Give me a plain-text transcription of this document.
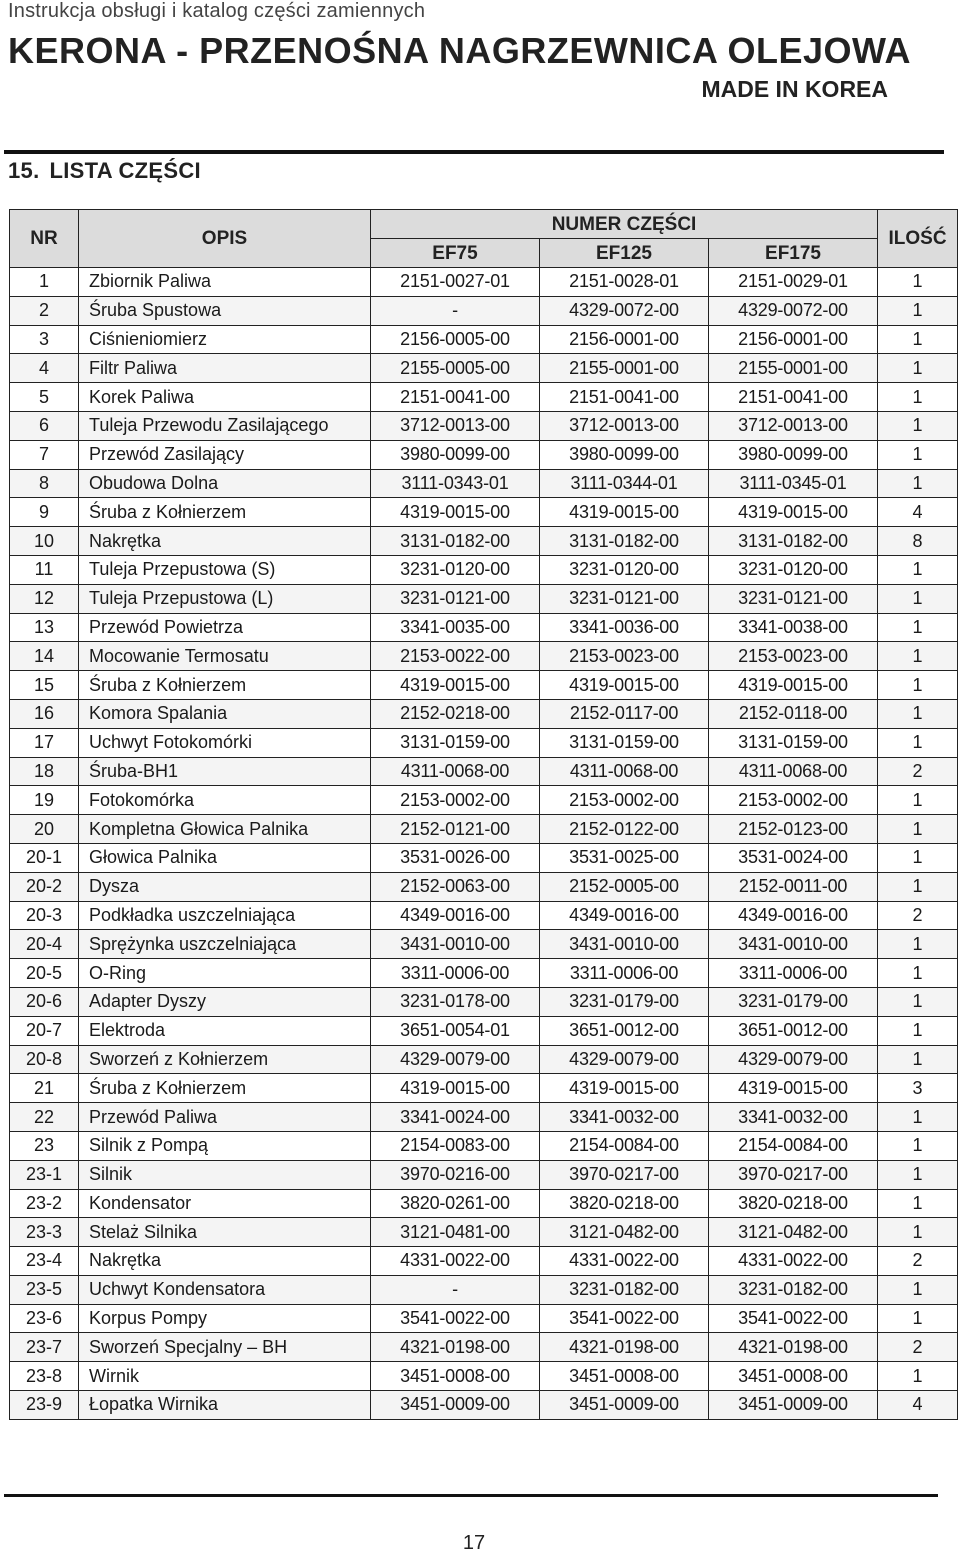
Instrukcja obsługi i katalog części zamiennych
KERONA - PRZENOŚNA NAGRZEWNICA OLEJOWA
MADE IN KOREA
15. LISTA CZĘŚCI
NR	OPIS	NUMER CZĘŚCI			ILOŚĆ
		EF75	EF125	EF175	
1	Zbiornik Paliwa	2151-0027-01	2151-0028-01	2151-0029-01	1
2	Śruba Spustowa	-	4329-0072-00	4329-0072-00	1
3	Ciśnieniomierz	2156-0005-00	2156-0001-00	2156-0001-00	1
4	Filtr Paliwa	2155-0005-00	2155-0001-00	2155-0001-00	1
5	Korek Paliwa	2151-0041-00	2151-0041-00	2151-0041-00	1
6	Tuleja Przewodu Zasilającego	3712-0013-00	3712-0013-00	3712-0013-00	1
7	Przewód Zasilający	3980-0099-00	3980-0099-00	3980-0099-00	1
8	Obudowa Dolna	3111-0343-01	3111-0344-01	3111-0345-01	1
9	Śruba z Kołnierzem	4319-0015-00	4319-0015-00	4319-0015-00	4
10	Nakrętka	3131-0182-00	3131-0182-00	3131-0182-00	8
11	Tuleja Przepustowa (S)	3231-0120-00	3231-0120-00	3231-0120-00	1
12	Tuleja Przepustowa (L)	3231-0121-00	3231-0121-00	3231-0121-00	1
13	Przewód Powietrza	3341-0035-00	3341-0036-00	3341-0038-00	1
14	Mocowanie Termosatu	2153-0022-00	2153-0023-00	2153-0023-00	1
15	Śruba z Kołnierzem	4319-0015-00	4319-0015-00	4319-0015-00	1
16	Komora Spalania	2152-0218-00	2152-0117-00	2152-0118-00	1
17	Uchwyt Fotokomórki	3131-0159-00	3131-0159-00	3131-0159-00	1
18	Śruba-BH1	4311-0068-00	4311-0068-00	4311-0068-00	2
19	Fotokomórka	2153-0002-00	2153-0002-00	2153-0002-00	1
20	Kompletna Głowica Palnika	2152-0121-00	2152-0122-00	2152-0123-00	1
20-1	Głowica Palnika	3531-0026-00	3531-0025-00	3531-0024-00	1
20-2	Dysza	2152-0063-00	2152-0005-00	2152-0011-00	1
20-3	Podkładka uszczelniająca	4349-0016-00	4349-0016-00	4349-0016-00	2
20-4	Sprężynka uszczelniająca	3431-0010-00	3431-0010-00	3431-0010-00	1
20-5	O-Ring	3311-0006-00	3311-0006-00	3311-0006-00	1
20-6	Adapter Dyszy	3231-0178-00	3231-0179-00	3231-0179-00	1
20-7	Elektroda	3651-0054-01	3651-0012-00	3651-0012-00	1
20-8	Sworzeń z Kołnierzem	4329-0079-00	4329-0079-00	4329-0079-00	1
21	Śruba z Kołnierzem	4319-0015-00	4319-0015-00	4319-0015-00	3
22	Przewód Paliwa	3341-0024-00	3341-0032-00	3341-0032-00	1
23	Silnik z Pompą	2154-0083-00	2154-0084-00	2154-0084-00	1
23-1	Silnik	3970-0216-00	3970-0217-00	3970-0217-00	1
23-2	Kondensator	3820-0261-00	3820-0218-00	3820-0218-00	1
23-3	Stelaż Silnika	3121-0481-00	3121-0482-00	3121-0482-00	1
23-4	Nakrętka	4331-0022-00	4331-0022-00	4331-0022-00	2
23-5	Uchwyt Kondensatora	-	3231-0182-00	3231-0182-00	1
23-6	Korpus Pompy	3541-0022-00	3541-0022-00	3541-0022-00	1
23-7	Sworzeń Specjalny – BH	4321-0198-00	4321-0198-00	4321-0198-00	2
23-8	Wirnik	3451-0008-00	3451-0008-00	3451-0008-00	1
23-9	Łopatka Wirnika	3451-0009-00	3451-0009-00	3451-0009-00	4
17
